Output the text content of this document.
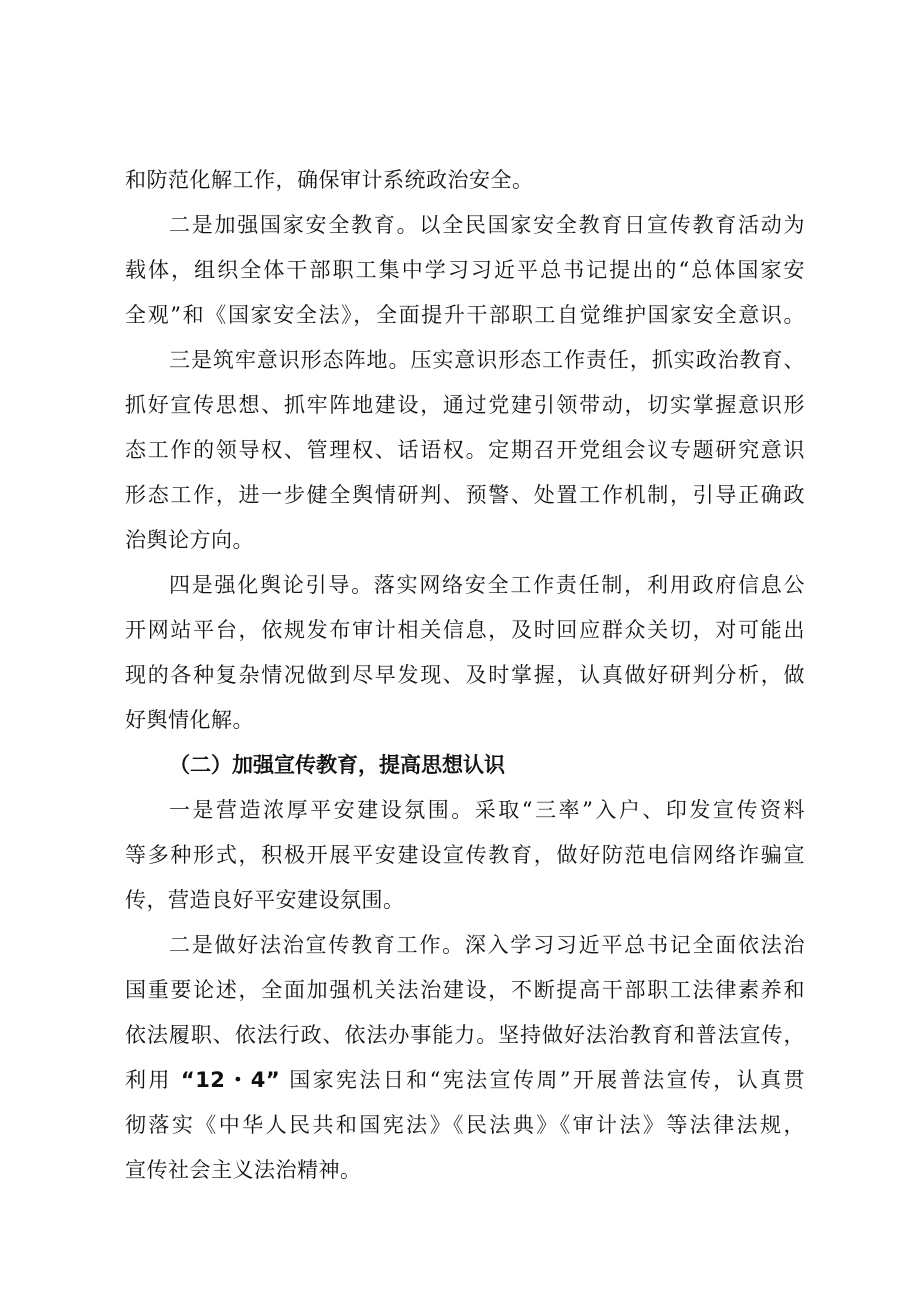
和防范化解工作，确保审计系统政治安全。
二是加强国家安全教育。以全民国家安全教育日宣传教育活动为
载体，组织全体干部职工集中学习习近平总书记提出的“总体国家安
全观”和《国家安全法》，全面提升干部职工自觉维护国家安全意识。
三是筑牢意识形态阵地。压实意识形态工作责任，抓实政治教育、
抓好宣传思想、抓牢阵地建设，通过党建引领带动，切实掌握意识形
态工作的领导权、管理权、话语权。定期召开党组会议专题研究意识
形态工作，进一步健全舆情研判、预警、处置工作机制，引导正确政
治舆论方向。
四是强化舆论引导。落实网络安全工作责任制，利用政府信息公
开网站平台，依规发布审计相关信息，及时回应群众关切，对可能出
现的各种复杂情况做到尽早发现、及时掌握，认真做好研判分析，做
好舆情化解。
（二）加强宣传教育，提高思想认识
一是营造浓厚平安建设氛围。采取“三率”入户、印发宣传资料
等多种形式，积极开展平安建设宣传教育，做好防范电信网络诈骗宣
传，营造良好平安建设氛围。
二是做好法治宣传教育工作。深入学习习近平总书记全面依法治
国重要论述，全面加强机关法治建设，不断提高干部职工法律素养和
依法履职、依法行政、依法办事能力。坚持做好法治教育和普法宣传，
利用 “12・4” 国家宪法日和“宪法宣传周”开展普法宣传，认真贯
彻落实《中华人民共和国宪法》《民法典》《审计法》等法律法规，
宣传社会主义法治精神。
